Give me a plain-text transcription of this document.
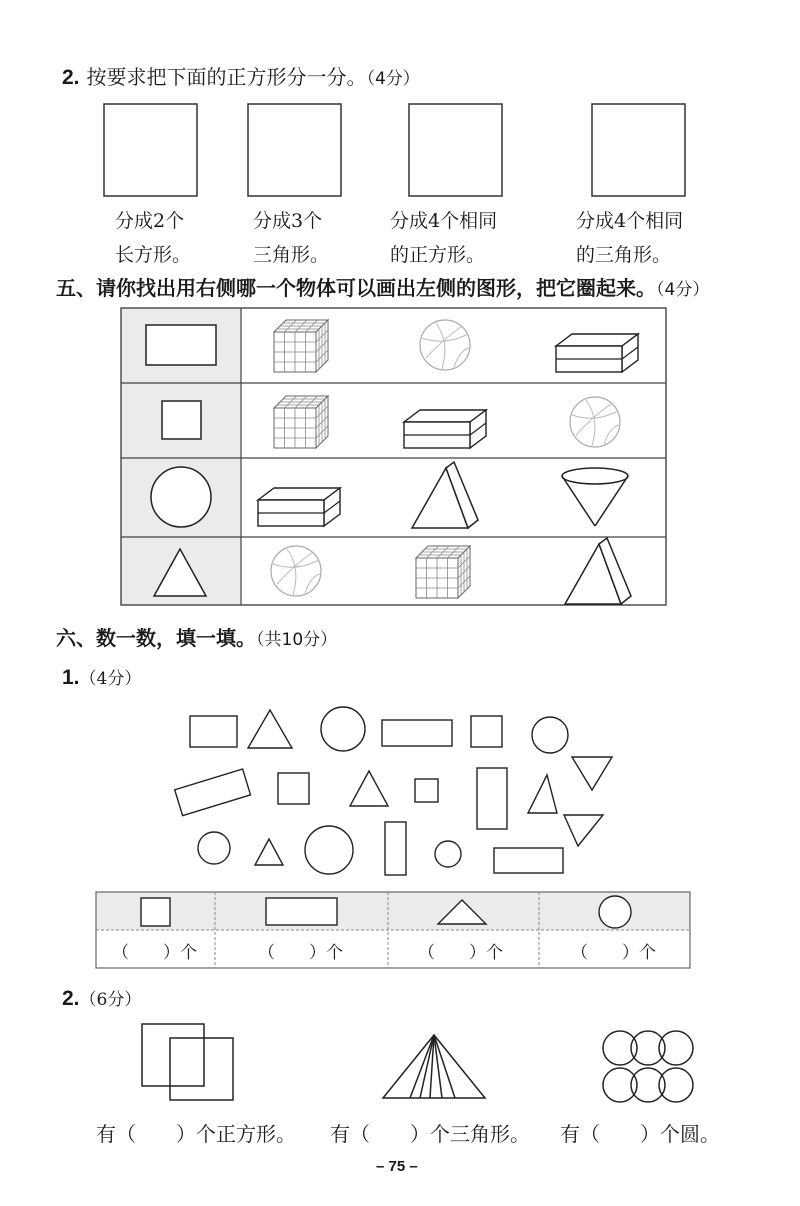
2. 按要求把下面的正方形分一分。（4分）
分成2个
长方形。
分成3个
三角形。
分成4个相同
的正方形。
分成4个相同
的三角形。
五、请你找出用右侧哪一个物体可以画出左侧的图形，把它圈起来。（4分）
六、数一数，填一填。（共10分）
1.（4分）
（　　）个	（　　）个	（　　）个	（　　）个
2.（6分）
有（　　）个正方形。 有（　　）个三角形。 有（　　）个圆。
– 75 –
